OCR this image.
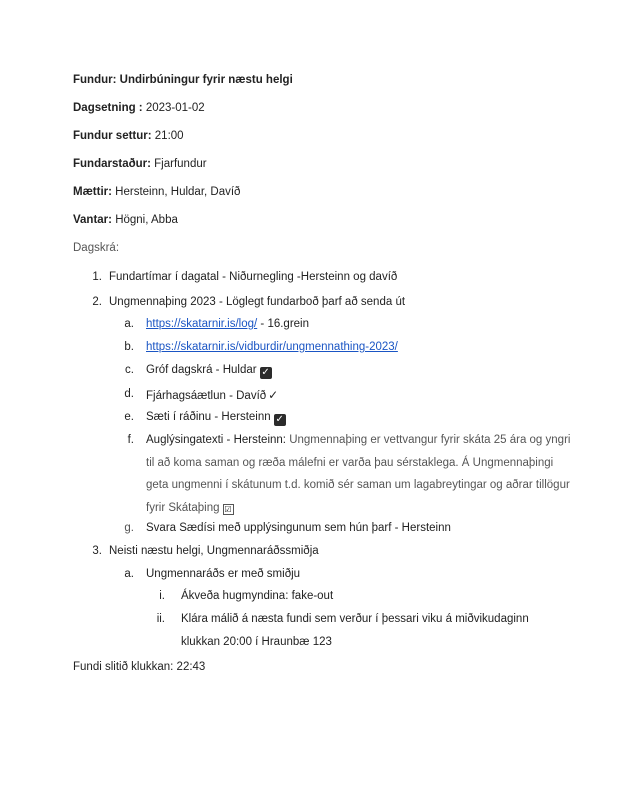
Fundur: Undirbúningur fyrir næstu helgi
Dagsetning : 2023-01-02
Fundur settur: 21:00
Fundarstaður: Fjarfundur
Mættir: Hersteinn, Huldar, Davíð
Vantar: Högni, Abba
Dagskrá:
1. Fundartímar í dagatal - Niðurnegling -Hersteinn og davíð
2. Ungmennaþing 2023 - Löglegt fundarboð þarf að senda út
a. https://skatarnir.is/log/ - 16.grein
b. https://skatarnir.is/vidburdir/ungmennathing-2023/
c. Gróf dagskrá - Huldar ✓
d. Fjárhagsáætlun - Davíð ✓
e. Sæti í ráðinu - Hersteinn ✓
f. Auglýsingatexti - Hersteinn: Ungmennaþing er vettvangur fyrir skáta 25 ára og yngri til að koma saman og ræða málefni er varða þau sérstaklega. Á Ungmennaþingi geta ungmenni í skátunum t.d. komið sér saman um lagabreytingar og aðrar tillögur fyrir Skátaþing ☑
g. Svara Sædísi með upplýsingunum sem hún þarf - Hersteinn
3. Neisti næstu helgi, Ungmennaráðssmiðja
a. Ungmennaráðs er með smiðju
i. Ákveða hugmyndina: fake-out
ii. Klára málið á næsta fundi sem verður í þessari viku á miðvikudaginn klukkan 20:00 í Hraunbæ 123
Fundi slitið klukkan: 22:43
